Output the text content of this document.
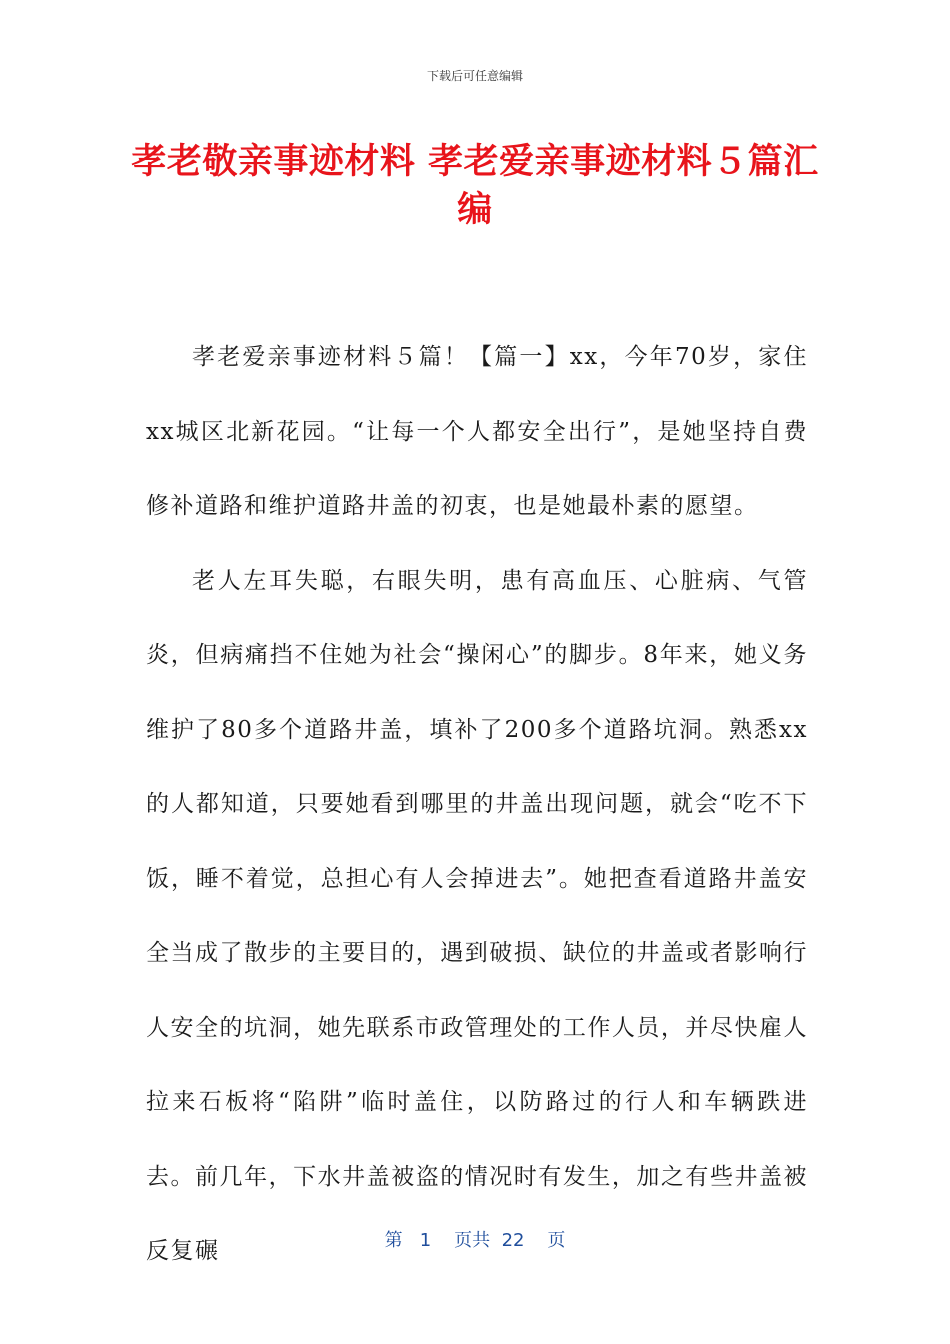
下载后可任意编辑
孝老敬亲事迹材料 孝老爱亲事迹材料５篇汇编

孝老爱亲事迹材料５篇！【篇一】xx，今年70岁，家住xx城区北新花园。“让每一个人都安全出行”，是她坚持自费修补道路和维护道路井盖的初衷，也是她最朴素的愿望。

老人左耳失聪，右眼失明，患有高血压、心脏病、气管炎，但病痛挡不住她为社会“操闲心”的脚步。8年来，她义务维护了80多个道路井盖，填补了200多个道路坑洞。熟悉xx的人都知道，只要她看到哪里的井盖出现问题，就会“吃不下饭，睡不着觉，总担心有人会掉进去”。她把查看道路井盖安全当成了散步的主要目的，遇到破损、缺位的井盖或者影响行人安全的坑洞，她先联系市政管理处的工作人员，并尽快雇人拉来石板将“陷阱”临时盖住，以防路过的行人和车辆跌进去。前几年，下水井盖被盗的情况时有发生，加之有些井盖被反复碾	第 1 页共 22 页
